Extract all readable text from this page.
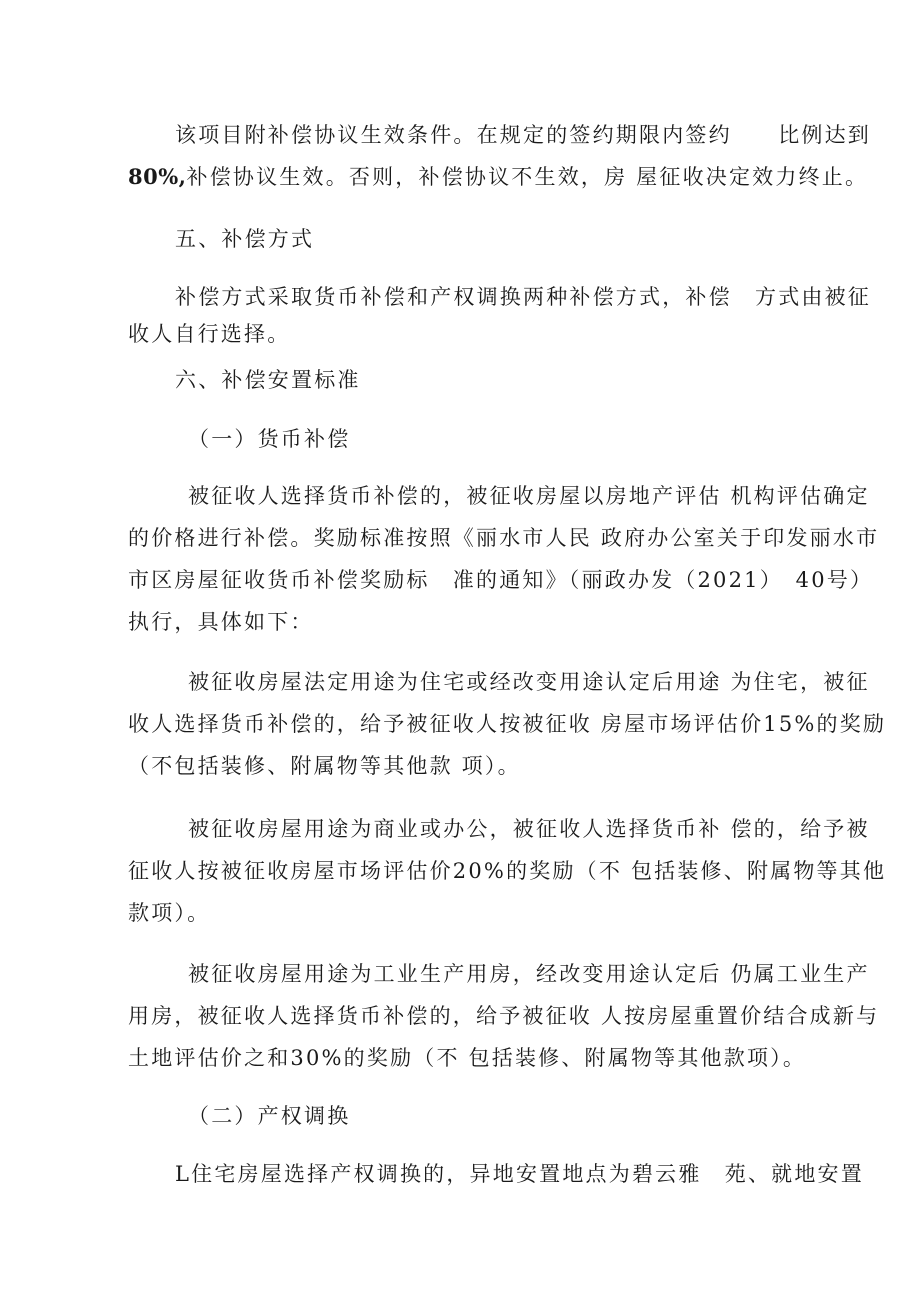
该项目附补偿协议生效条件。在规定的签约期限内签约　　比例达到
80%,补偿协议生效。否则，补偿协议不生效，房 屋征收决定效力终止。
五、补偿方式
补偿方式采取货币补偿和产权调换两种补偿方式，补偿　方式由被征
收人自行选择。
六、补偿安置标准
（一）货币补偿
被征收人选择货币补偿的，被征收房屋以房地产评估 机构评估确定
的价格进行补偿。奖励标准按照《丽水市人民 政府办公室关于印发丽水市
市区房屋征收货币补偿奖励标　准的通知》（丽政办发（2021）　40号）
执行，具体如下：
被征收房屋法定用途为住宅或经改变用途认定后用途 为住宅，被征
收人选择货币补偿的，给予被征收人按被征收 房屋市场评估价15%的奖励
（不包括装修、附属物等其他款 项）。
被征收房屋用途为商业或办公，被征收人选择货币补 偿的，给予被
征收人按被征收房屋市场评估价20%的奖励（不 包括装修、附属物等其他
款项）。
被征收房屋用途为工业生产用房，经改变用途认定后 仍属工业生产
用房，被征收人选择货币补偿的，给予被征收 人按房屋重置价结合成新与
土地评估价之和30%的奖励（不 包括装修、附属物等其他款项）。
（二）产权调换
L住宅房屋选择产权调换的，异地安置地点为碧云雅　苑、就地安置
